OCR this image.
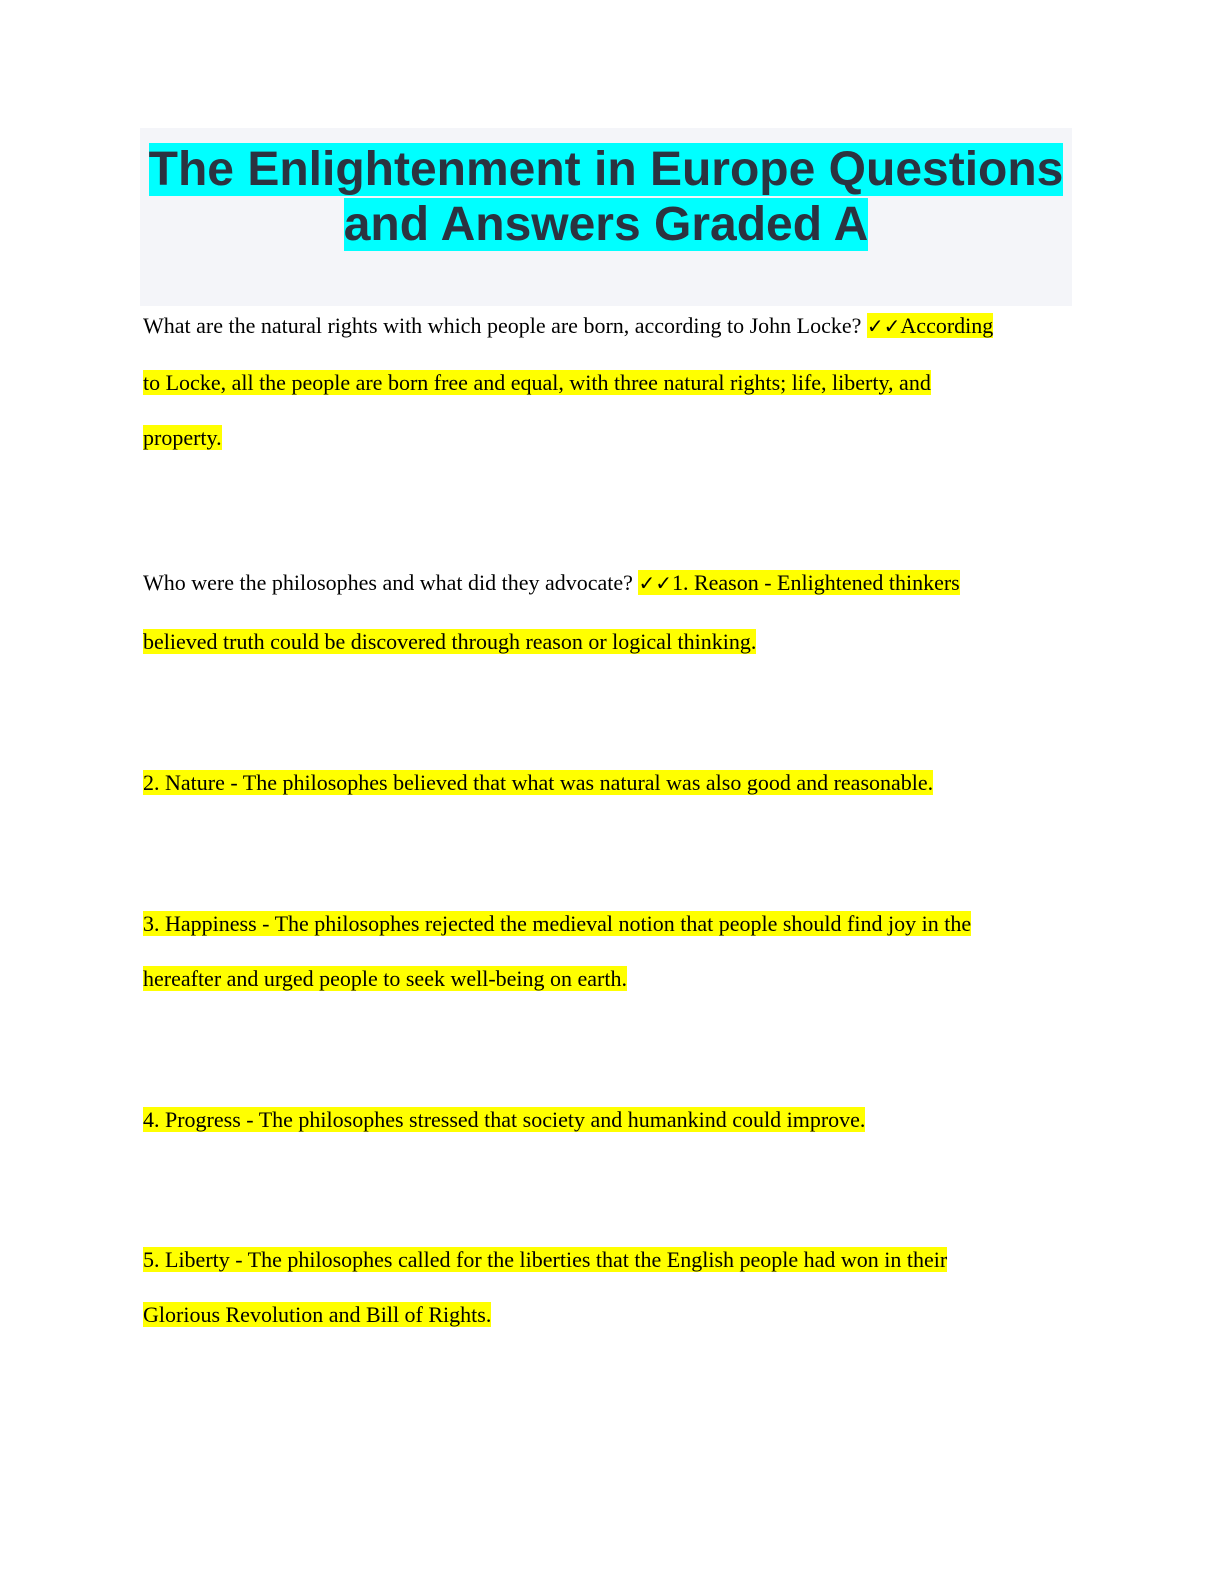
The Enlightenment in Europe Questions
and Answers Graded A
What are the natural rights with which people are born, according to John Locke? ✓✓According
to Locke, all the people are born free and equal, with three natural rights; life, liberty, and
property.
Who were the philosophes and what did they advocate? ✓✓1. Reason - Enlightened thinkers
believed truth could be discovered through reason or logical thinking.
2. Nature - The philosophes believed that what was natural was also good and reasonable.
3. Happiness - The philosophes rejected the medieval notion that people should find joy in the
hereafter and urged people to seek well-being on earth.
4. Progress - The philosophes stressed that society and humankind could improve.
5. Liberty - The philosophes called for the liberties that the English people had won in their
Glorious Revolution and Bill of Rights.
